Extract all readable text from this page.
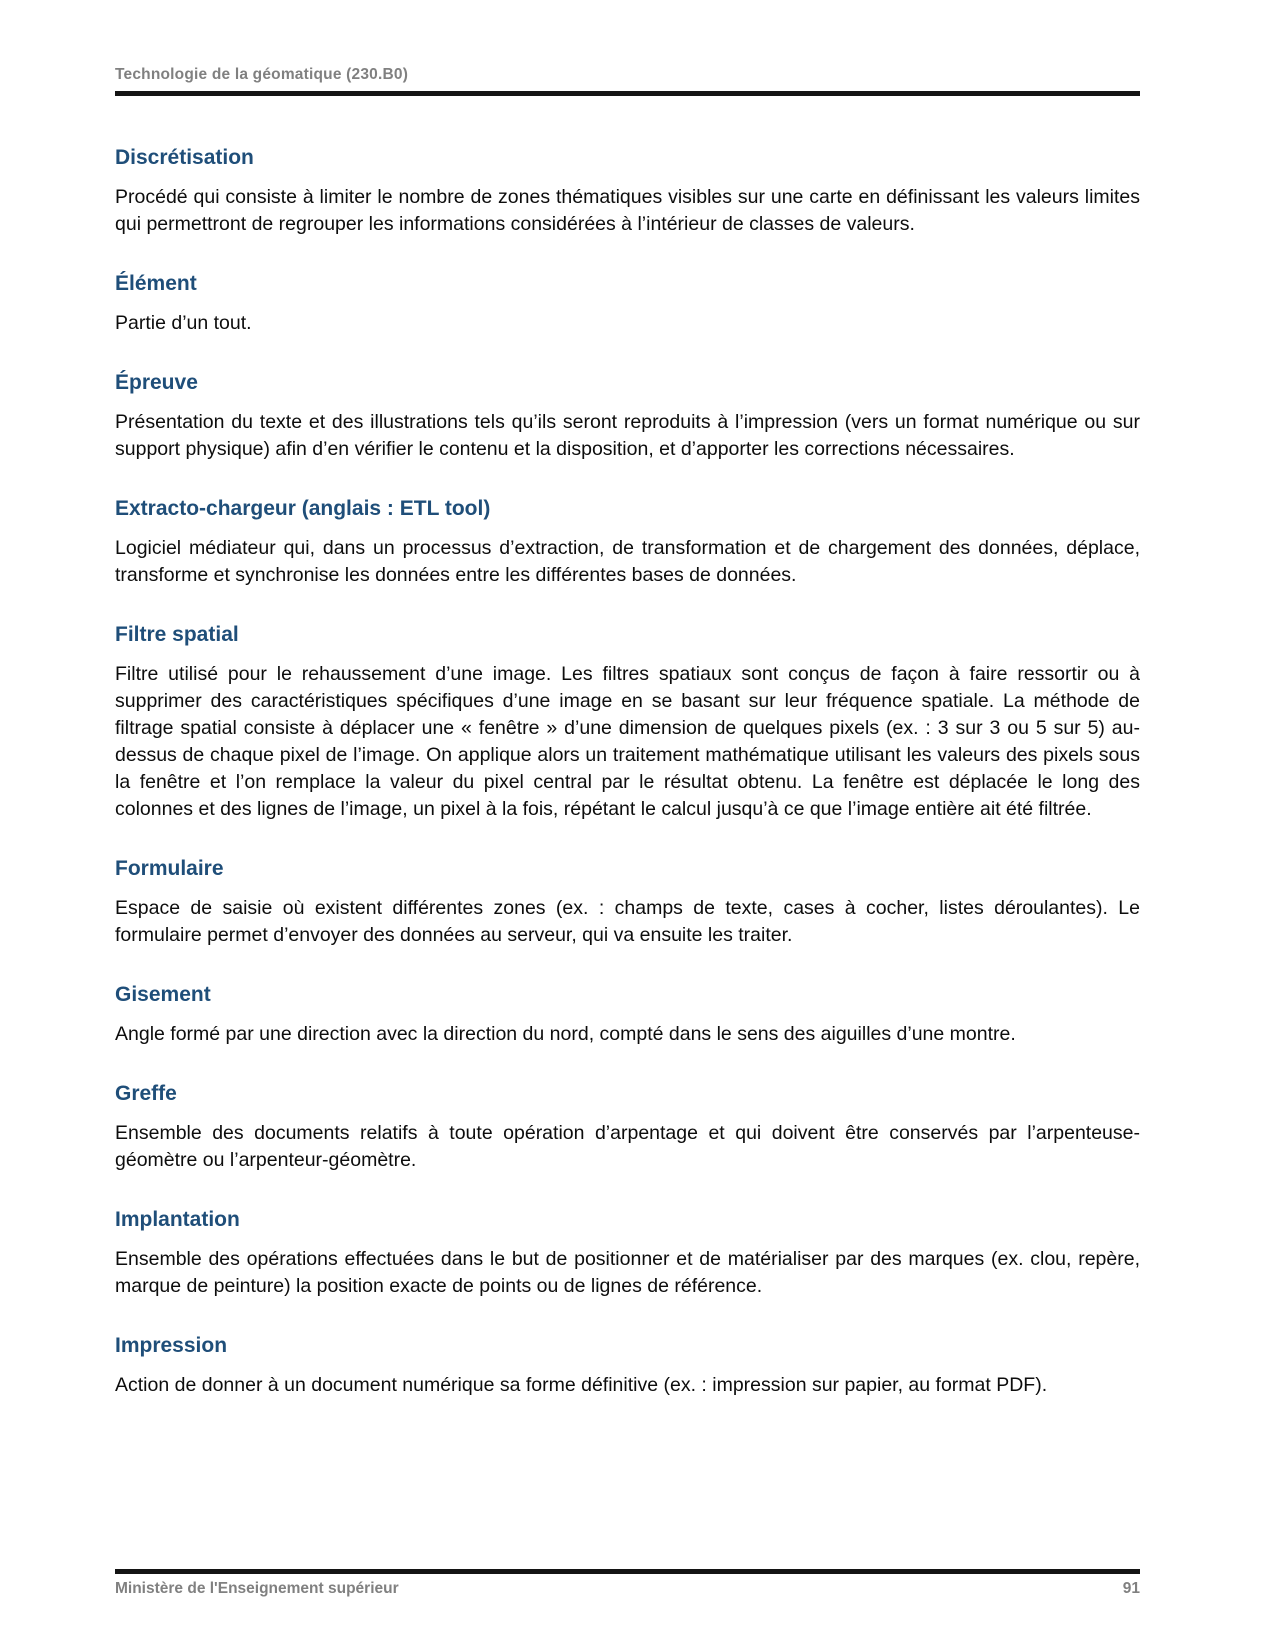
Technologie de la géomatique (230.B0)
Discrétisation

Procédé qui consiste à limiter le nombre de zones thématiques visibles sur une carte en définissant les valeurs limites qui permettront de regrouper les informations considérées à l’intérieur de classes de valeurs.

Élément

Partie d’un tout.

Épreuve

Présentation du texte et des illustrations tels qu’ils seront reproduits à l’impression (vers un format numérique ou sur support physique) afin d’en vérifier le contenu et la disposition, et d’apporter les corrections nécessaires.

Extracto-chargeur (anglais : ETL tool)

Logiciel médiateur qui, dans un processus d’extraction, de transformation et de chargement des données, déplace, transforme et synchronise les données entre les différentes bases de données.

Filtre spatial

Filtre utilisé pour le rehaussement d’une image. Les filtres spatiaux sont conçus de façon à faire ressortir ou à supprimer des caractéristiques spécifiques d’une image en se basant sur leur fréquence spatiale. La méthode de filtrage spatial consiste à déplacer une « fenêtre » d’une dimension de quelques pixels (ex. : 3 sur 3 ou 5 sur 5) au-dessus de chaque pixel de l’image. On applique alors un traitement mathématique utilisant les valeurs des pixels sous la fenêtre et l’on remplace la valeur du pixel central par le résultat obtenu. La fenêtre est déplacée le long des colonnes et des lignes de l’image, un pixel à la fois, répétant le calcul jusqu’à ce que l’image entière ait été filtrée.

Formulaire

Espace de saisie où existent différentes zones (ex. : champs de texte, cases à cocher, listes déroulantes). Le formulaire permet d’envoyer des données au serveur, qui va ensuite les traiter.

Gisement

Angle formé par une direction avec la direction du nord, compté dans le sens des aiguilles d’une montre.

Greffe

Ensemble des documents relatifs à toute opération d’arpentage et qui doivent être conservés par l’arpenteuse-géomètre ou l’arpenteur-géomètre.

Implantation

Ensemble des opérations effectuées dans le but de positionner et de matérialiser par des marques (ex. clou, repère, marque de peinture) la position exacte de points ou de lignes de référence.

Impression

Action de donner à un document numérique sa forme définitive (ex. : impression sur papier, au format PDF).

Ministère de l'Enseignement supérieur	91
